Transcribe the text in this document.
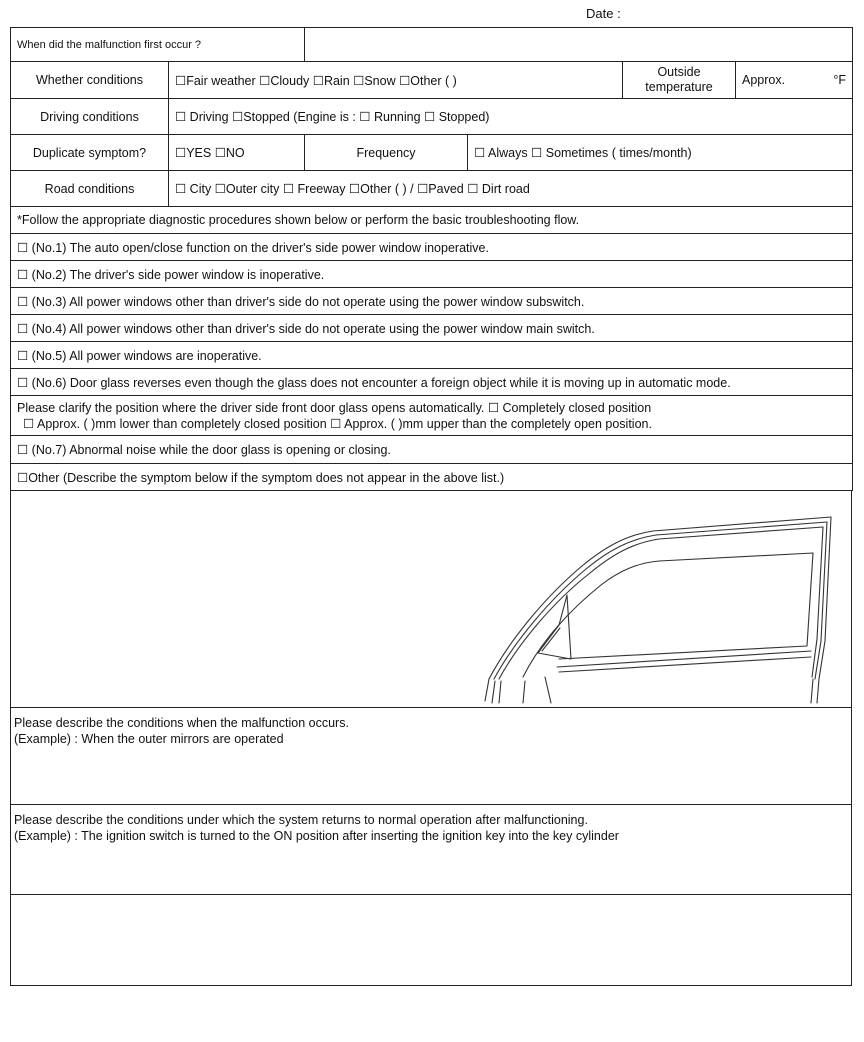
Date :
When did the malfunction first occur ?					
Whether conditions	☐Fair weather ☐Cloudy ☐Rain ☐Snow ☐Other ( )			Outside temperature	Approx. °F

Driving conditions	☐ Driving ☐Stopped (Engine is : ☐ Running ☐ Stopped)				
Duplicate symptom?	☐YES ☐NO	Frequency	☐ Always ☐ Sometimes ( times/month)		
Road conditions	☐ City ☐Outer city ☐ Freeway ☐Other ( ) / ☐Paved ☐ Dirt road				
*Follow the appropriate diagnostic procedures shown below or perform the basic troubleshooting flow.					
☐ (No.1) The auto open/close function on the driver's side power window inoperative.					
☐ (No.2) The driver's side power window is inoperative.					
☐ (No.3) All power windows other than driver's side do not operate using the power window subswitch.					
☐ (No.4) All power windows other than driver's side do not operate using the power window main switch.					
☐ (No.5) All power windows are inoperative.					
☐ (No.6) Door glass reverses even though the glass does not encounter a foreign object while it is moving up in automatic mode.					

Please clarify the position where the driver side front door glass opens automatically. ☐ Completely closed position
☐ Approx. ( )mm lower than completely closed position ☐ Approx. ( )mm upper than the completely open position.					

☐ (No.7) Abnormal noise while the door glass is opening or closing.					
☐Other (Describe the symptom below if the symptom does not appear in the above list.)					
Please describe the conditions when the malfunction occurs.
(Example) : When the outer mirrors are operated
Please describe the conditions under which the system returns to normal operation after malfunctioning.
(Example) : The ignition switch is turned to the ON position after inserting the ignition key into the key cylinder
